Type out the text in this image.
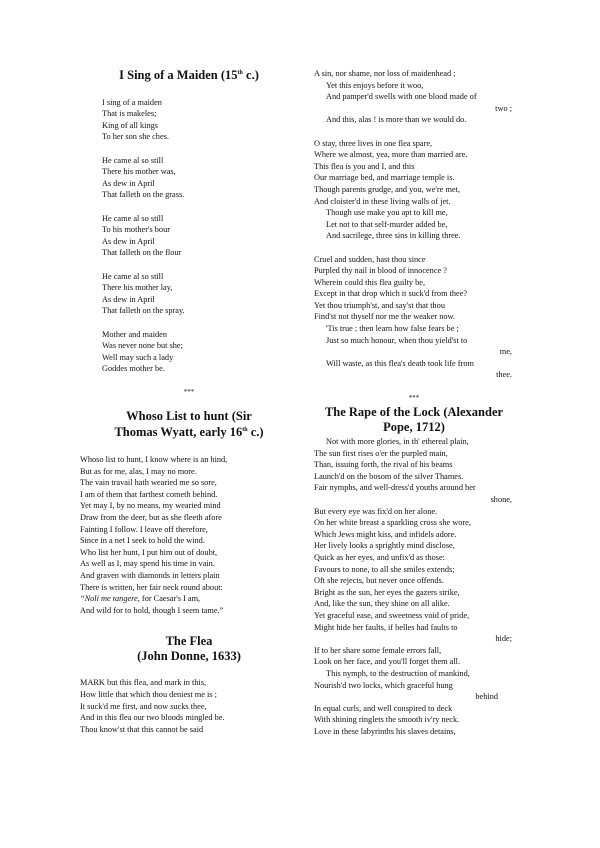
I Sing of a Maiden (15th c.)

I sing of a maiden
That is makeles;
King of all kings
To her son she ches.
He came al so still
There his mother was,
As dew in April
That falleth on the grass.
He came al so still
To his mother's bour
As dew in April
That falleth on the flour
He came al so still
There his mother lay,
As dew in April
That falleth on the spray.
Mother and maiden
Was never none but she;
Well may such a lady
Goddes mother be.

***

Whoso List to hunt (Sir
Thomas Wyatt, early 16th c.)

Whoso list to hunt, I know where is an hind,
But as for me, alas, I may no more.
The vain travail hath wearied me so sore,
I am of them that farthest cometh behind.
Yet may I, by no means, my wearied mind
Draw from the deer, but as she fleeth afore
Fainting I follow. I leave off therefore,
Since in a net I seek to hold the wind.
Who list her hunt, I put him out of doubt,
As well as I, may spend his time in vain.
And graven with diamonds in letters plain
There is written, her fair neck round about:
“Noli me tangere, for Caesar's I am,
And wild for to hold, though I seem tame.”

The Flea
(John Donne, 1633)

MARK but this flea, and mark in this,
How little that which thou deniest me is ;
It suck'd me first, and now sucks thee,
And in this flea our two bloods mingled be.
Thou know'st that this cannot be said
A sin, nor shame, nor loss of maidenhead ;
Yet this enjoys before it woo,
And pamper'd swells with one blood made of
two ;
And this, alas ! is more than we would do.
O stay, three lives in one flea spare,
Where we almost, yea, more than married are.
This flea is you and I, and this
Our marriage bed, and marriage temple is.
Though parents grudge, and you, we're met,
And cloister'd in these living walls of jet.
Though use make you apt to kill me,
Let not to that self-murder added be,
And sacrilege, three sins in killing three.
Cruel and sudden, hast thou since
Purpled thy nail in blood of innocence ?
Wherein could this flea guilty be,
Except in that drop which it suck'd from thee?
Yet thou triumph'st, and say'st that thou
Find'st not thyself nor me the weaker now.
'Tis true ; then learn how false fears be ;
Just so much honour, when thou yield'st to
me,
Will waste, as this flea's death took life from
thee.

***

The Rape of the Lock (Alexander
Pope, 1712)

Not with more glories, in th' ethereal plain,
The sun first rises o'er the purpled main,
Than, issuing forth, the rival of his beams
Launch'd on the bosom of the silver Thames.
Fair nymphs, and well-dress'd youths around her
shone,
But every eye was fix'd on her alone.
On her white breast a sparkling cross she wore,
Which Jews might kiss, and infidels adore.
Her lively looks a sprightly mind disclose,
Quick as her eyes, and unfix'd as those:
Favours to none, to all she smiles extends;
Oft she rejects, but never once offends.
Bright as the sun, her eyes the gazers strike,
And, like the sun, they shine on all alike.
Yet graceful ease, and sweetness void of pride,
Might hide her faults, if belles had faults to
hide;
If to her share some female errors fall,
Look on her face, and you'll forget them all.
This nymph, to the destruction of mankind,
Nourish'd two locks, which graceful hung
behind
In equal curls, and well conspired to deck
With shining ringlets the smooth iv'ry neck.
Love in these labyrinths his slaves detains,
